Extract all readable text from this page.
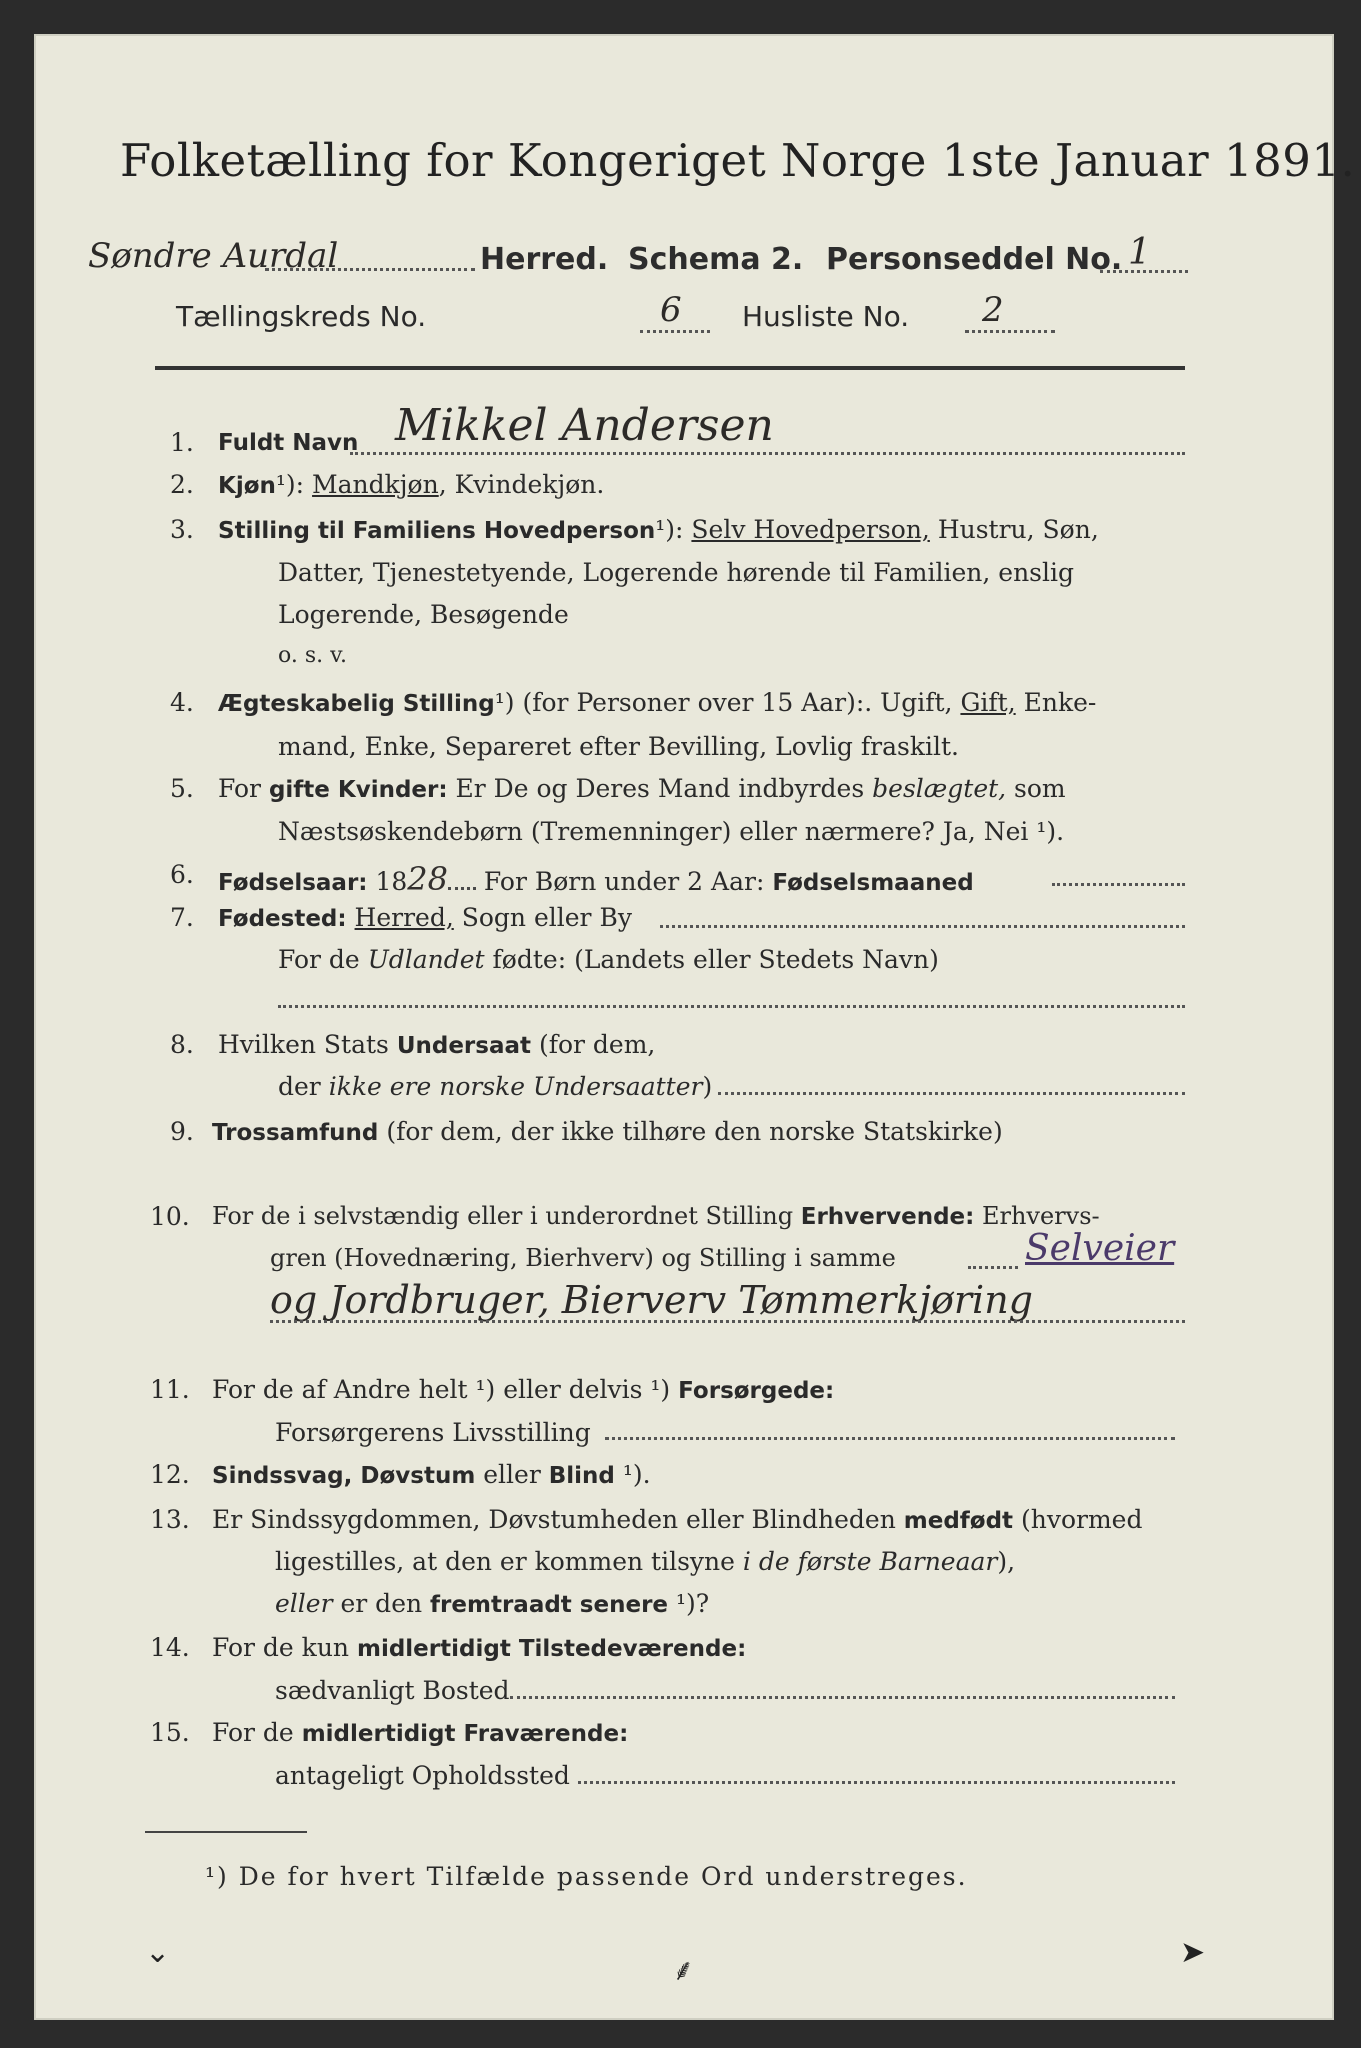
Folketælling for Kongeriget Norge 1ste Januar 1891.
Søndre Aurdal	Herred. Schema 2. Personseddel No. 1
Tællingskreds No.	6 Husliste No. 2
1. Fuldt Navn Mikkel Andersen
2. Kjøn¹): Mandkjøn, Kvindekjøn.
3. Stilling til Familiens Hovedperson¹): Selv Hovedperson, Hustru, Søn,
Datter, Tjenestetyende, Logerende hørende til Familien, enslig
Logerende, Besøgende
o. s. v.
4. Ægteskabelig Stilling¹) (for Personer over 15 Aar):. Ugift, Gift, Enke-
mand, Enke, Separeret efter Bevilling, Lovlig fraskilt.
5. For gifte Kvinder: Er De og Deres Mand indbyrdes beslægtet, som
Næstsøskendebørn (Tremenninger) eller nærmere? Ja, Nei ¹).
6. Fødselsaar: 1828 For Børn under 2 Aar: Fødselsmaaned
7. Fødested: Herred, Sogn eller By
For de Udlandet fødte: (Landets eller Stedets Navn)
8. Hvilken Stats Undersaat (for dem,
der ikke ere norske Undersaatter)
9. Trossamfund (for dem, der ikke tilhøre den norske Statskirke)
10. For de i selvstændig eller i underordnet Stilling Erhvervende: Erhvervs-
gren (Hovednæring, Bierhverv) og Stilling i samme	Selveier
og Jordbruger, Bierverv Tømmerkjøring
11. For de af Andre helt ¹) eller delvis ¹) Forsørgede:
Forsørgerens Livsstilling
12. Sindssvag, Døvstum eller Blind ¹).
13. Er Sindssygdommen, Døvstumheden eller Blindheden medfødt (hvormed
ligestilles, at den er kommen tilsyne i de første Barneaar),
eller er den fremtraadt senere ¹)?
14. For de kun midlertidigt Tilstedeværende:
sædvanligt Bosted
15. For de midlertidigt Fraværende:
antageligt Opholdssted
¹) De for hvert Tilfælde passende Ord understreges.
⌄
⸙
➤
